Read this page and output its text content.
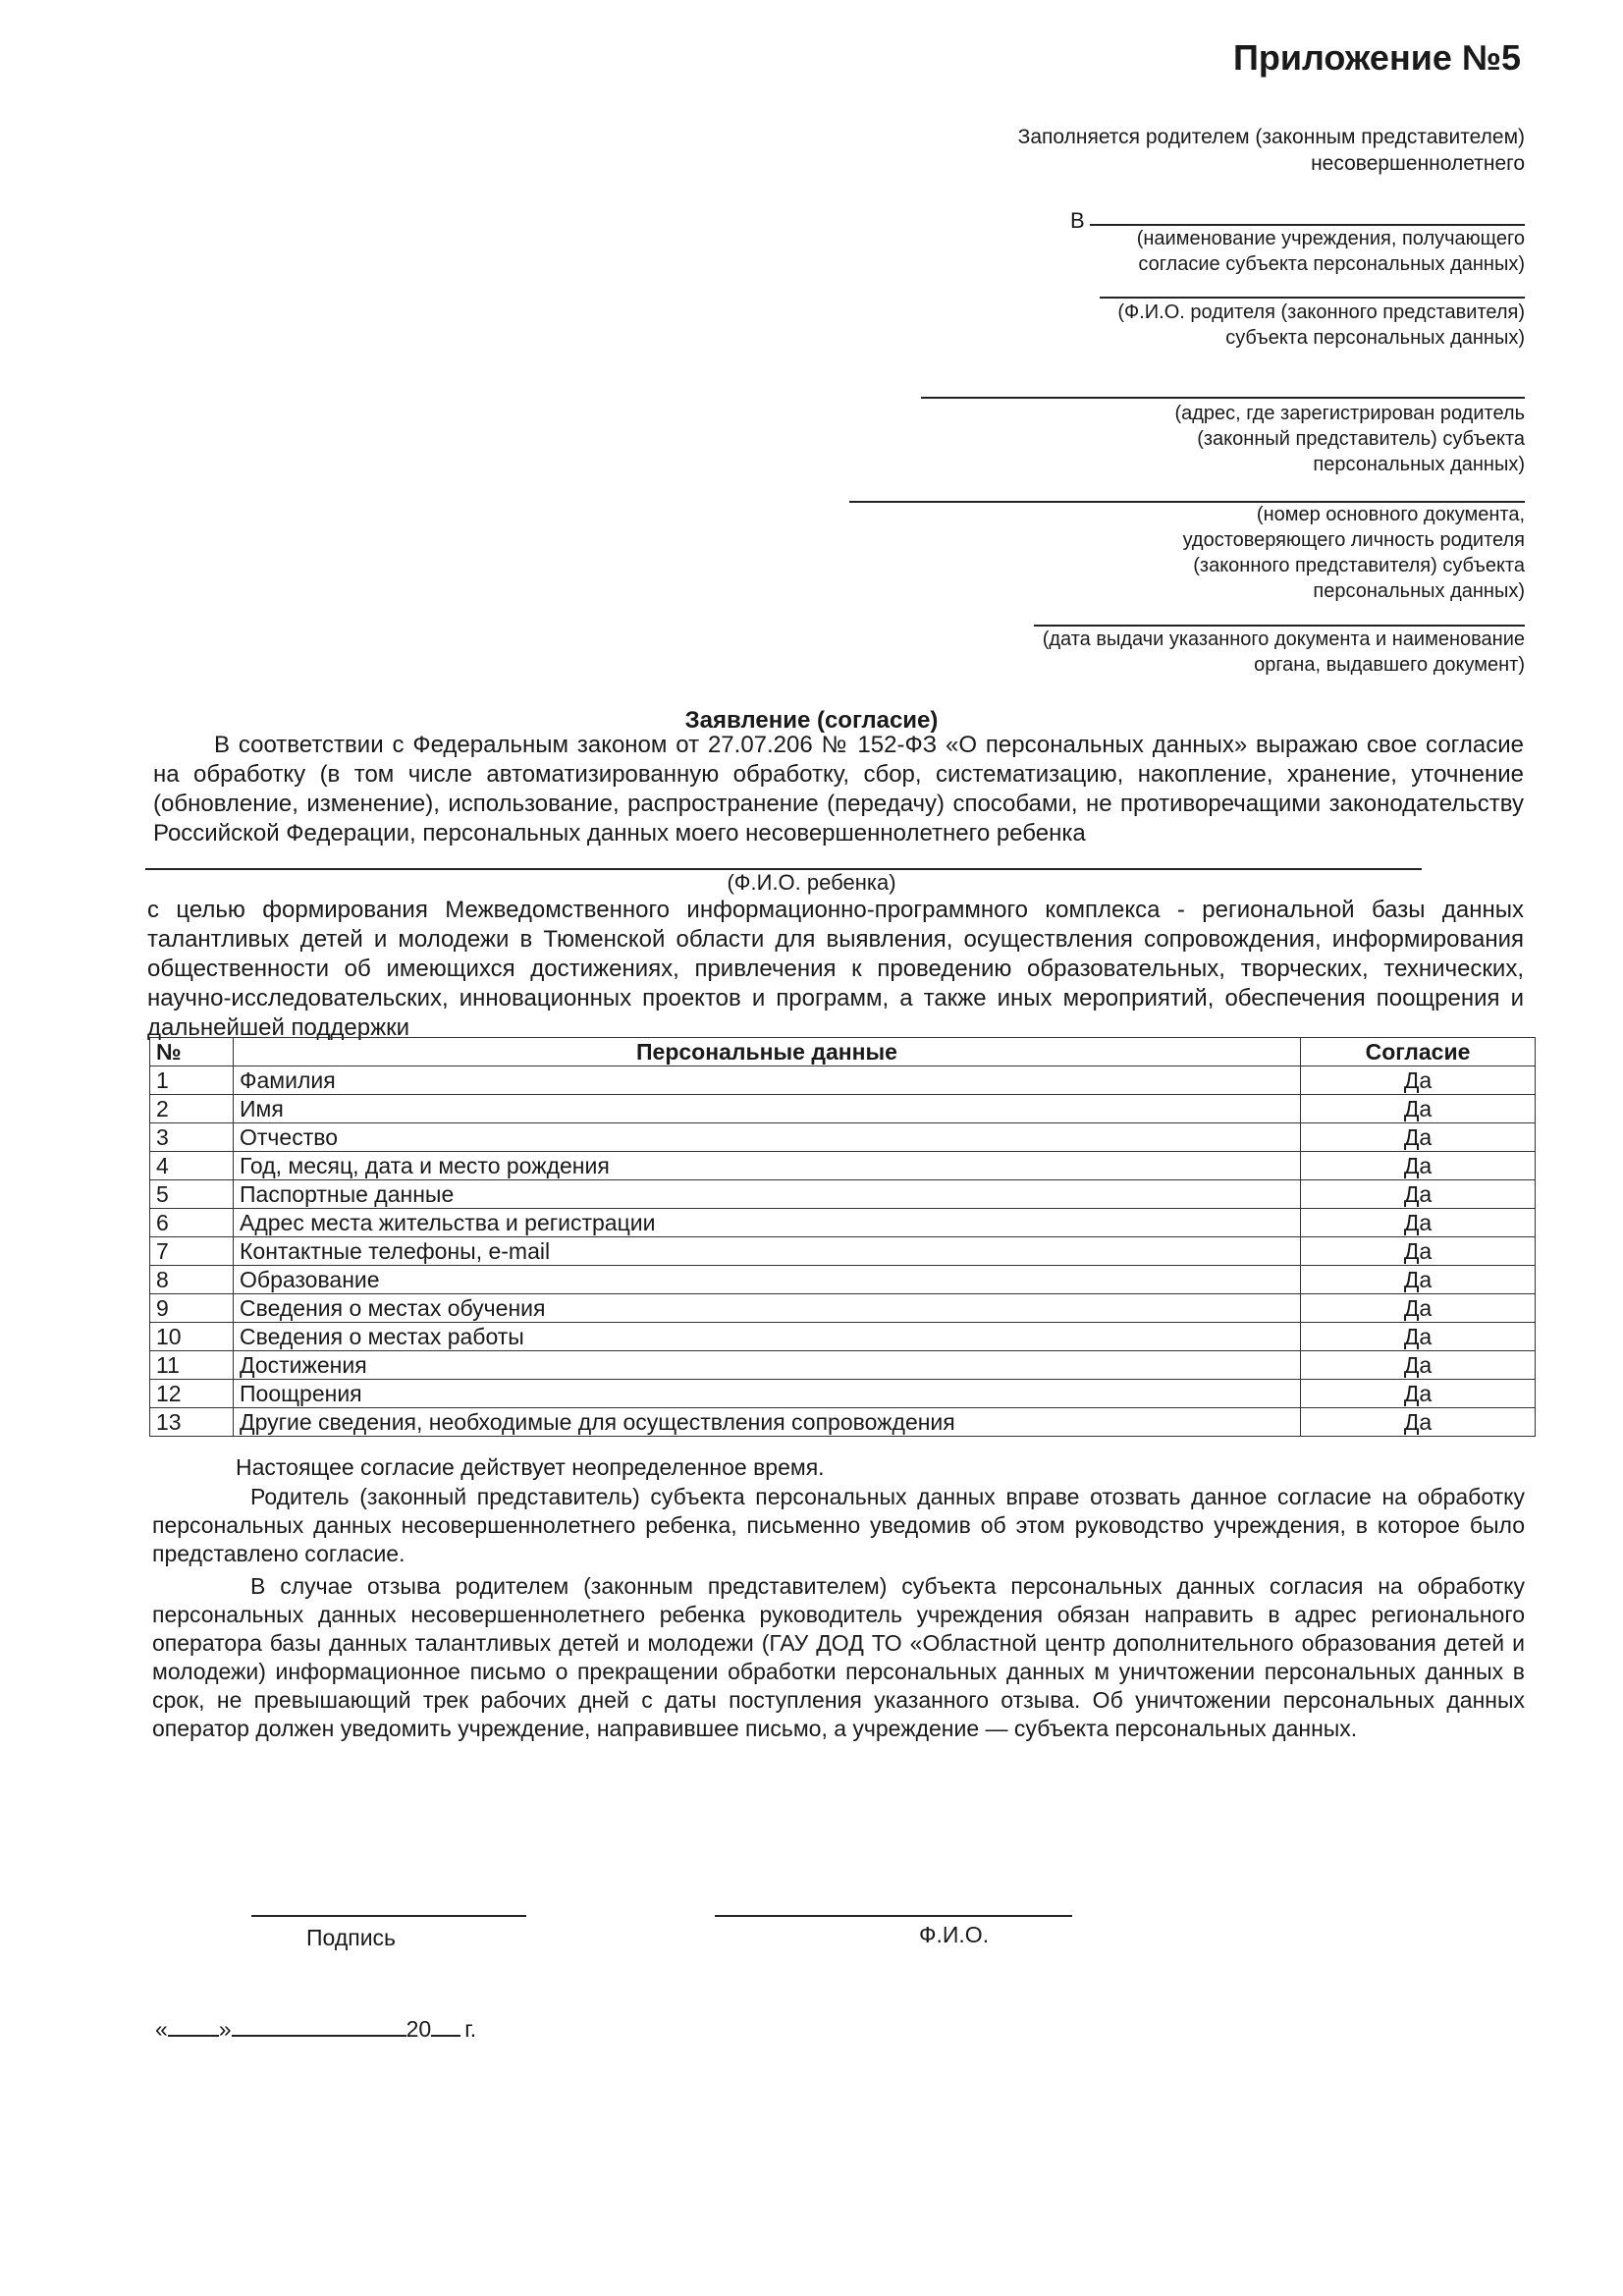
Приложение №5
Заполняется родителем (законным представителем) несовершеннолетнего
В
(наименование учреждения, получающего согласие субъекта персональных данных)
(Ф.И.О. родителя (законного представителя) субъекта персональных данных)
(адрес, где зарегистрирован родитель (законный представитель) субъекта персональных данных)
(номер основного документа, удостоверяющего личность родителя (законного представителя) субъекта персональных данных)
(дата выдачи указанного документа и наименование органа, выдавшего документ)
Заявление (согласие)
В соответствии с Федеральным законом от 27.07.206 № 152-ФЗ «О персональных данных» выражаю свое согласие на обработку (в том числе автоматизированную обработку, сбор, систематизацию, накопление, хранение, уточнение (обновление, изменение), использование, распространение (передачу) способами, не противоречащими законодательству Российской Федерации, персональных данных моего несовершеннолетнего ребенка
(Ф.И.О. ребенка)
с целью формирования Межведомственного информационно-программного комплекса - региональной базы данных талантливых детей и молодежи в Тюменской области для выявления, осуществления сопровождения, информирования общественности об имеющихся достижениях, привлечения к проведению образовательных, творческих, технических, научно-исследовательских, инновационных проектов и программ, а также иных мероприятий, обеспечения поощрения и дальнейшей поддержки
№	Персональные данные	Согласие
1	Фамилия	Да
2	Имя	Да
3	Отчество	Да
4	Год, месяц, дата и место рождения	Да
5	Паспортные данные	Да
6	Адрес места жительства и регистрации	Да
7	Контактные телефоны, e-mail	Да
8	Образование	Да
9	Сведения о местах обучения	Да
10	Сведения о местах работы	Да
11	Достижения	Да
12	Поощрения	Да
13	Другие сведения, необходимые для осуществления сопровождения	Да
Настоящее согласие действует неопределенное время.
Родитель (законный представитель) субъекта персональных данных вправе отозвать данное согласие на обработку персональных данных несовершеннолетнего ребенка, письменно уведомив об этом руководство учреждения, в которое было представлено согласие.
В случае отзыва родителем (законным представителем) субъекта персональных данных согласия на обработку персональных данных несовершеннолетнего ребенка руководитель учреждения обязан направить в адрес регионального оператора базы данных талантливых детей и молодежи (ГАУ ДОД ТО «Областной центр дополнительного образования детей и молодежи) информационное письмо о прекращении обработки персональных данных м уничтожении персональных данных в срок, не превышающий трек рабочих дней с даты поступления указанного отзыва. Об уничтожении персональных данных оператор должен уведомить учреждение, направившее письмо, а учреждение — субъекта персональных данных.
Подпись	Ф.И.О.
« »	20 г.
